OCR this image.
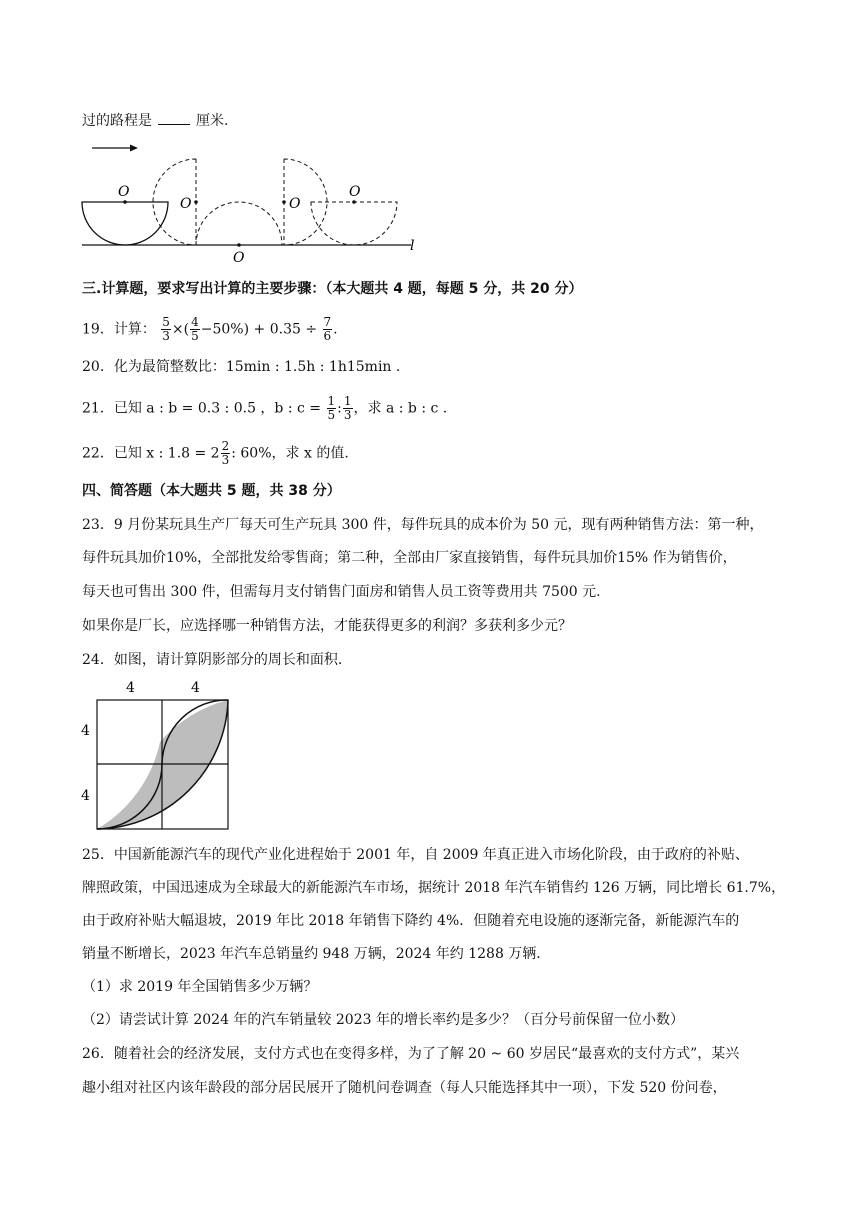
过的路程是	厘米.
O
O
O
O
O
l
三.计算题，要求写出计算的主要步骤：（本大题共 4 题，每题 5 分，共 20 分）
19．计算： $\frac{5}{3}$ ×( $\frac{4}{5} -50\%) + 0.35 \div \frac{7}{6}$ .
20．化为最简整数比：15min : 1.5h : 1h15min .
21．已知 a : b = 0.3 : 0.5 ，b : $c = \frac{1}{5}$ : $\frac{1}{3}$ ，求 a : b : c .
22．已知 x : $1.8 = 2 \frac{2}{3}$ : 60%，求 x 的值.
四、简答题（本大题共 5 题，共 38 分）
23．9 月份某玩具生产厂每天可生产玩具 300 件，每件玩具的成本价为 50 元，现有两种销售方法：第一种，
每件玩具加价10%，全部批发给零售商；第二种，全部由厂家直接销售，每件玩具加价15% 作为销售价，
每天也可售出 300 件，但需每月支付销售门面房和销售人员工资等费用共 7500 元.
如果你是厂长，应选择哪一种销售方法，才能获得更多的利润？多获利多少元？
24．如图，请计算阴影部分的周长和面积.
4	4
4
4
25．中国新能源汽车的现代产业化进程始于 2001 年，自 2009 年真正进入市场化阶段，由于政府的补贴、
牌照政策，中国迅速成为全球最大的新能源汽车市场，据统计 2018 年汽车销售约 126 万辆，同比增长 61.7%，
由于政府补贴大幅退坡，2019 年比 2018 年销售下降约 4%．但随着充电设施的逐渐完备，新能源汽车的
销量不断增长，2023 年汽车总销量约 948 万辆，2024 年约 1288 万辆.
（1）求 2019 年全国销售多少万辆？
（2）请尝试计算 2024 年的汽车销量较 2023 年的增长率约是多少？（百分号前保留一位小数）
26．随着社会的经济发展，支付方式也在变得多样，为了了解 20 ~ 60 岁居民“最喜欢的支付方式”，某兴
趣小组对社区内该年龄段的部分居民展开了随机问卷调查（每人只能选择其中一项），下发 520 份问卷，
